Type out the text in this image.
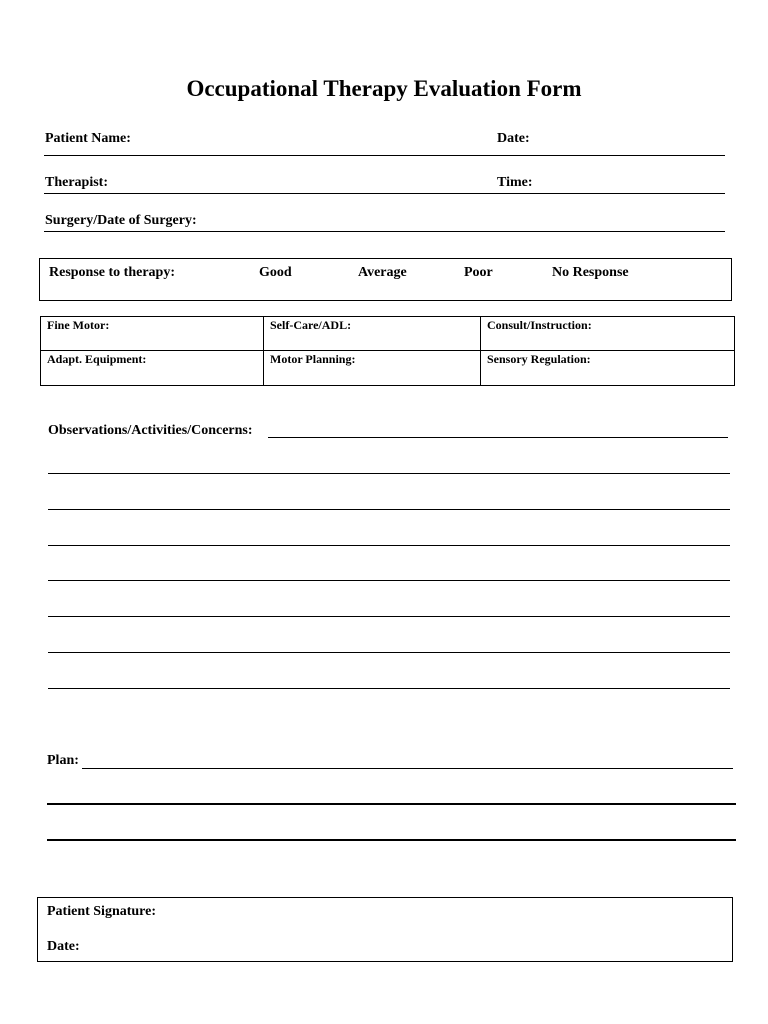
Occupational Therapy Evaluation Form
Patient Name:	Date:
Therapist:	Time:
Surgery/Date of Surgery:
Response to therapy:	Good	Average	Poor	No Response
Fine Motor:	Self-Care/ADL:	Consult/Instruction:
Adapt. Equipment:	Motor Planning:	Sensory Regulation:
Observations/Activities/Concerns:
Plan:
Patient Signature:
Date:
